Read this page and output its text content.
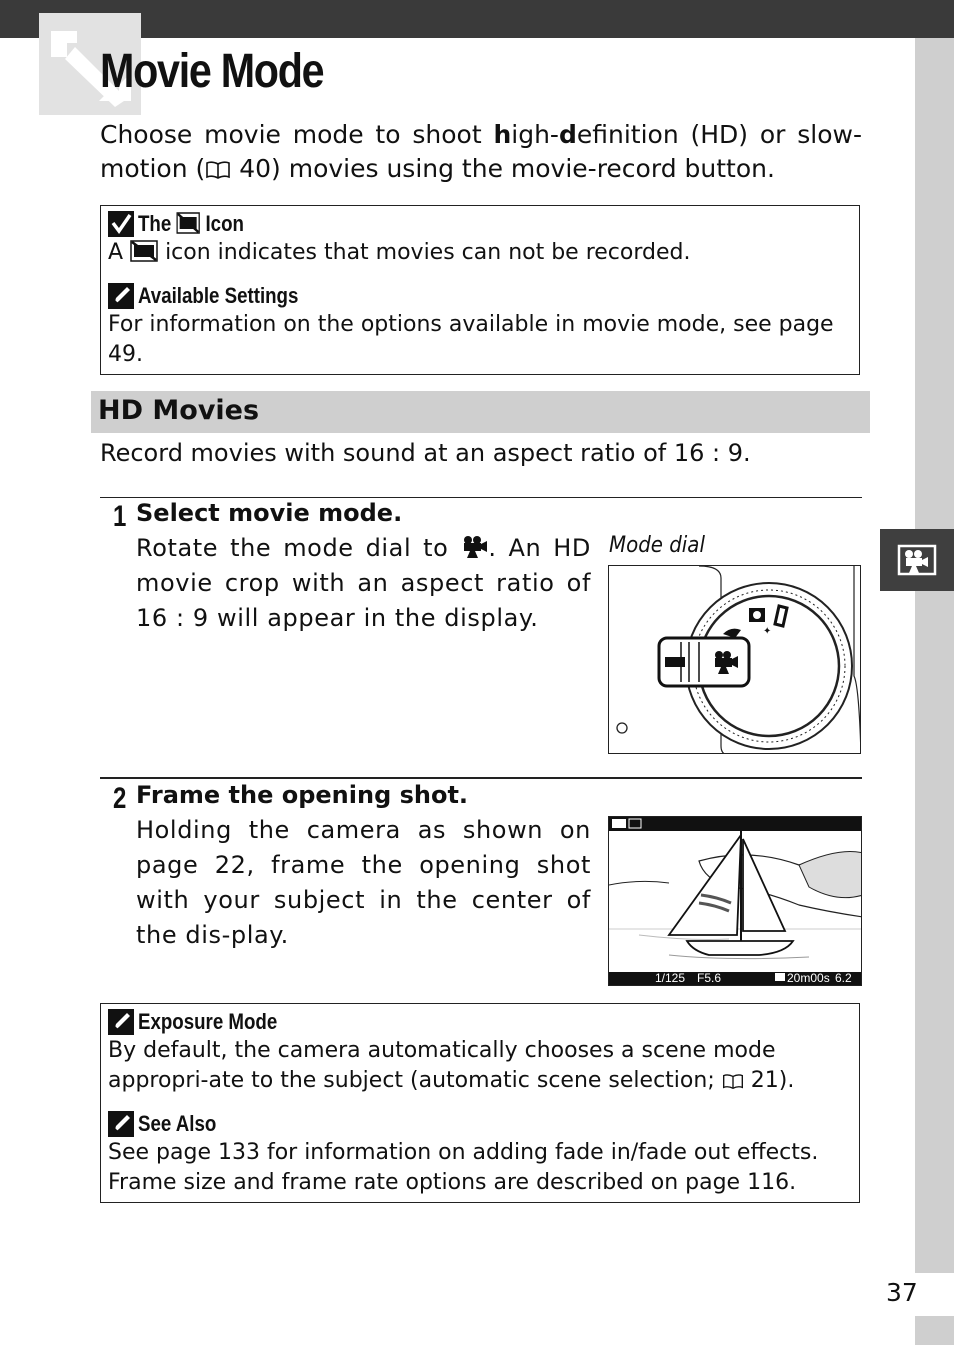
Movie Mode

Choose movie mode to shoot high-definition (HD) or slow-motion ( 40) movies using the movie-record button.

The Icon
A icon indicates that movies can not be recorded.
Available Settings
For information on the options available in movie mode, see page 49.
HD Movies

Record movies with sound at an aspect ratio of 16 : 9.

1 Select movie mode.

Rotate the mode dial to . An HD movie crop with an aspect ratio of 16 : 9 will appear in the display.

Mode dial
✦
2 Frame the opening shot.

Holding the camera as shown on page 22, frame the opening shot with your subject in the center of the dis-play.

1/125 F5.6	20m00s 6.2
Exposure Mode
By default, the camera automatically chooses a scene mode appropri-ate to the subject (automatic scene selection;  21).
See Also
See page 133 for information on adding fade in/fade out effects. Frame size and frame rate options are described on page 116.
37
